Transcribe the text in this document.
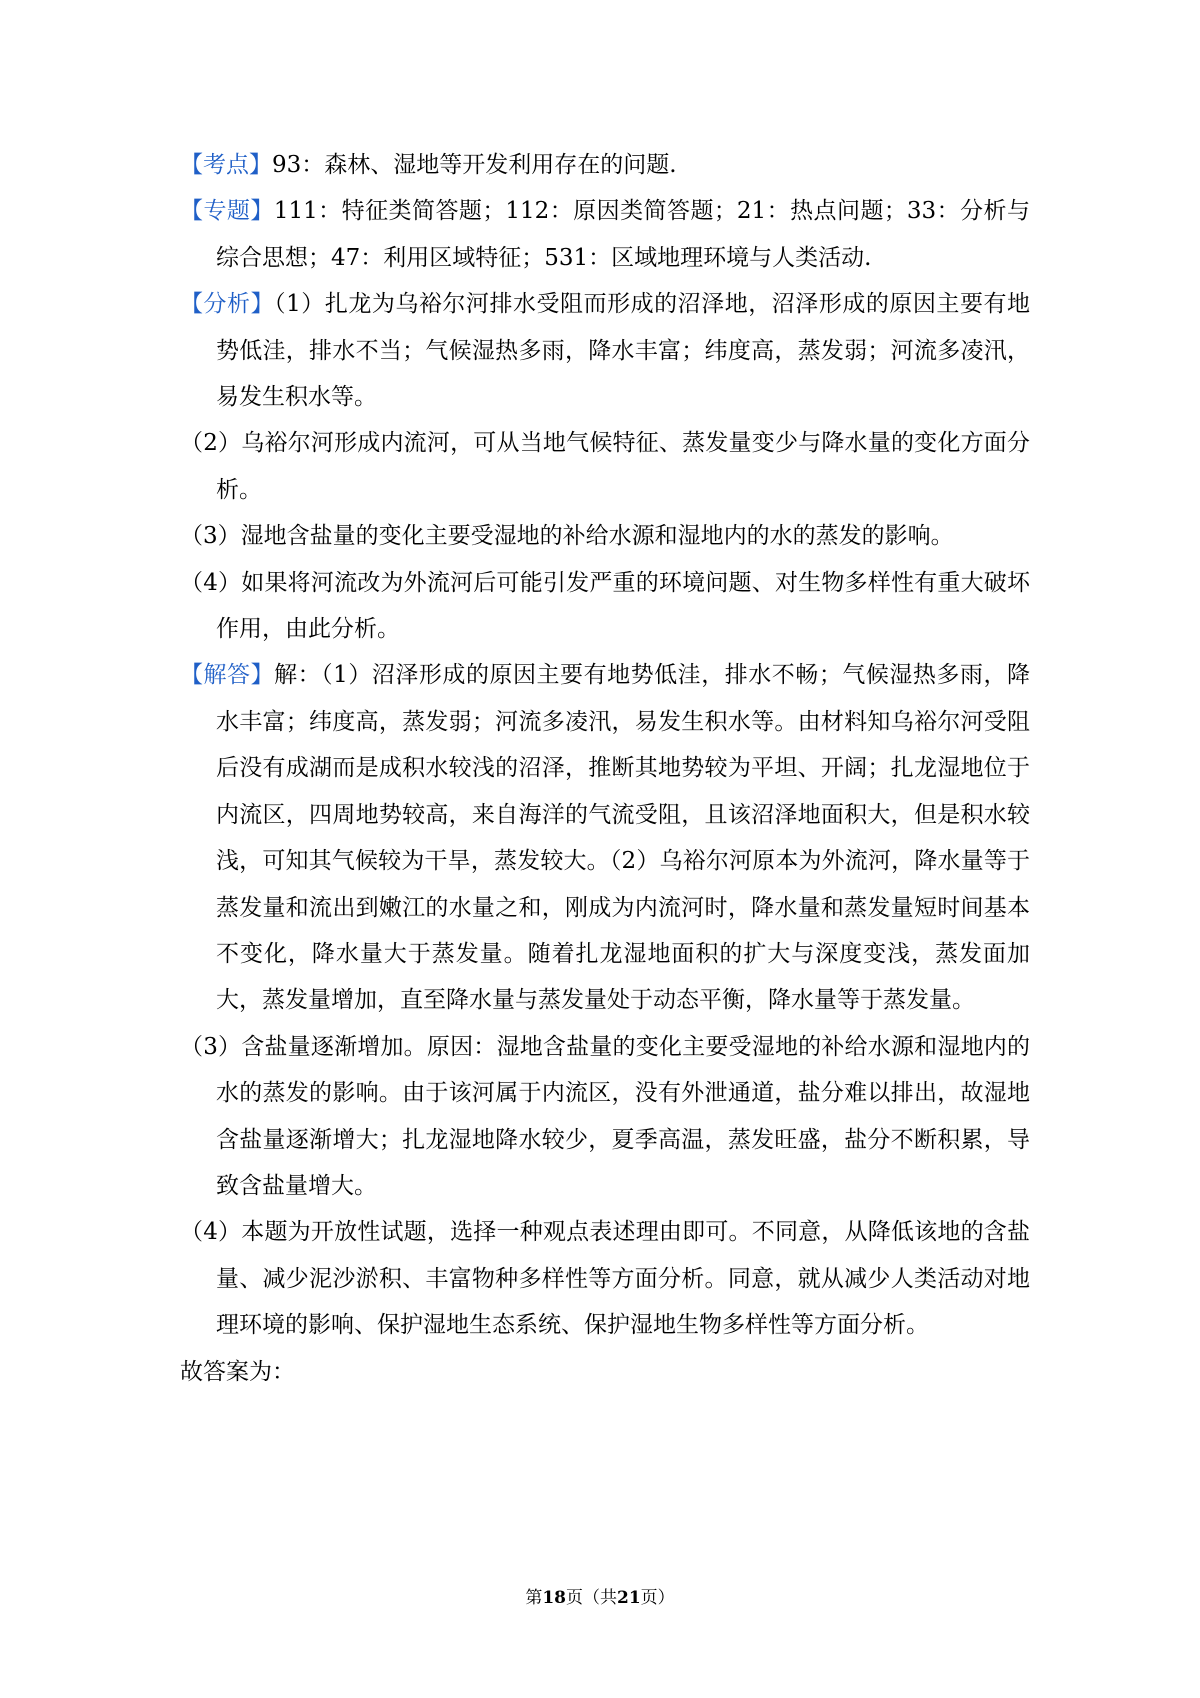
【考点】93：森林、湿地等开发利用存在的问题.

【专题】111：特征类简答题；112：原因类简答题；21：热点问题；33：分析与综合思想；47：利用区域特征；531：区域地理环境与人类活动.

【分析】（1）扎龙为乌裕尔河排水受阻而形成的沼泽地，沼泽形成的原因主要有地势低洼，排水不当；气候湿热多雨，降水丰富；纬度高，蒸发弱；河流多凌汛，易发生积水等。

（2）乌裕尔河形成内流河，可从当地气候特征、蒸发量变少与降水量的变化方面分析。

（3）湿地含盐量的变化主要受湿地的补给水源和湿地内的水的蒸发的影响。

（4）如果将河流改为外流河后可能引发严重的环境问题、对生物多样性有重大破坏作用，由此分析。

【解答】解：（1）沼泽形成的原因主要有地势低洼，排水不畅；气候湿热多雨，降水丰富；纬度高，蒸发弱；河流多凌汛，易发生积水等。由材料知乌裕尔河受阻后没有成湖而是成积水较浅的沼泽，推断其地势较为平坦、开阔；扎龙湿地位于内流区，四周地势较高，来自海洋的气流受阻，且该沼泽地面积大，但是积水较浅，可知其气候较为干旱，蒸发较大。（2）乌裕尔河原本为外流河，降水量等于蒸发量和流出到嫩江的水量之和，刚成为内流河时，降水量和蒸发量短时间基本不变化，降水量大于蒸发量。随着扎龙湿地面积的扩大与深度变浅，蒸发面加大，蒸发量增加，直至降水量与蒸发量处于动态平衡，降水量等于蒸发量。

（3）含盐量逐渐增加。原因：湿地含盐量的变化主要受湿地的补给水源和湿地内的水的蒸发的影响。由于该河属于内流区，没有外泄通道，盐分难以排出，故湿地含盐量逐渐增大；扎龙湿地降水较少，夏季高温，蒸发旺盛，盐分不断积累，导致含盐量增大。

（4）本题为开放性试题，选择一种观点表述理由即可。不同意，从降低该地的含盐量、减少泥沙淤积、丰富物种多样性等方面分析。同意，就从减少人类活动对地理环境的影响、保护湿地生态系统、保护湿地生物多样性等方面分析。

故答案为：

第18页（共21页）
